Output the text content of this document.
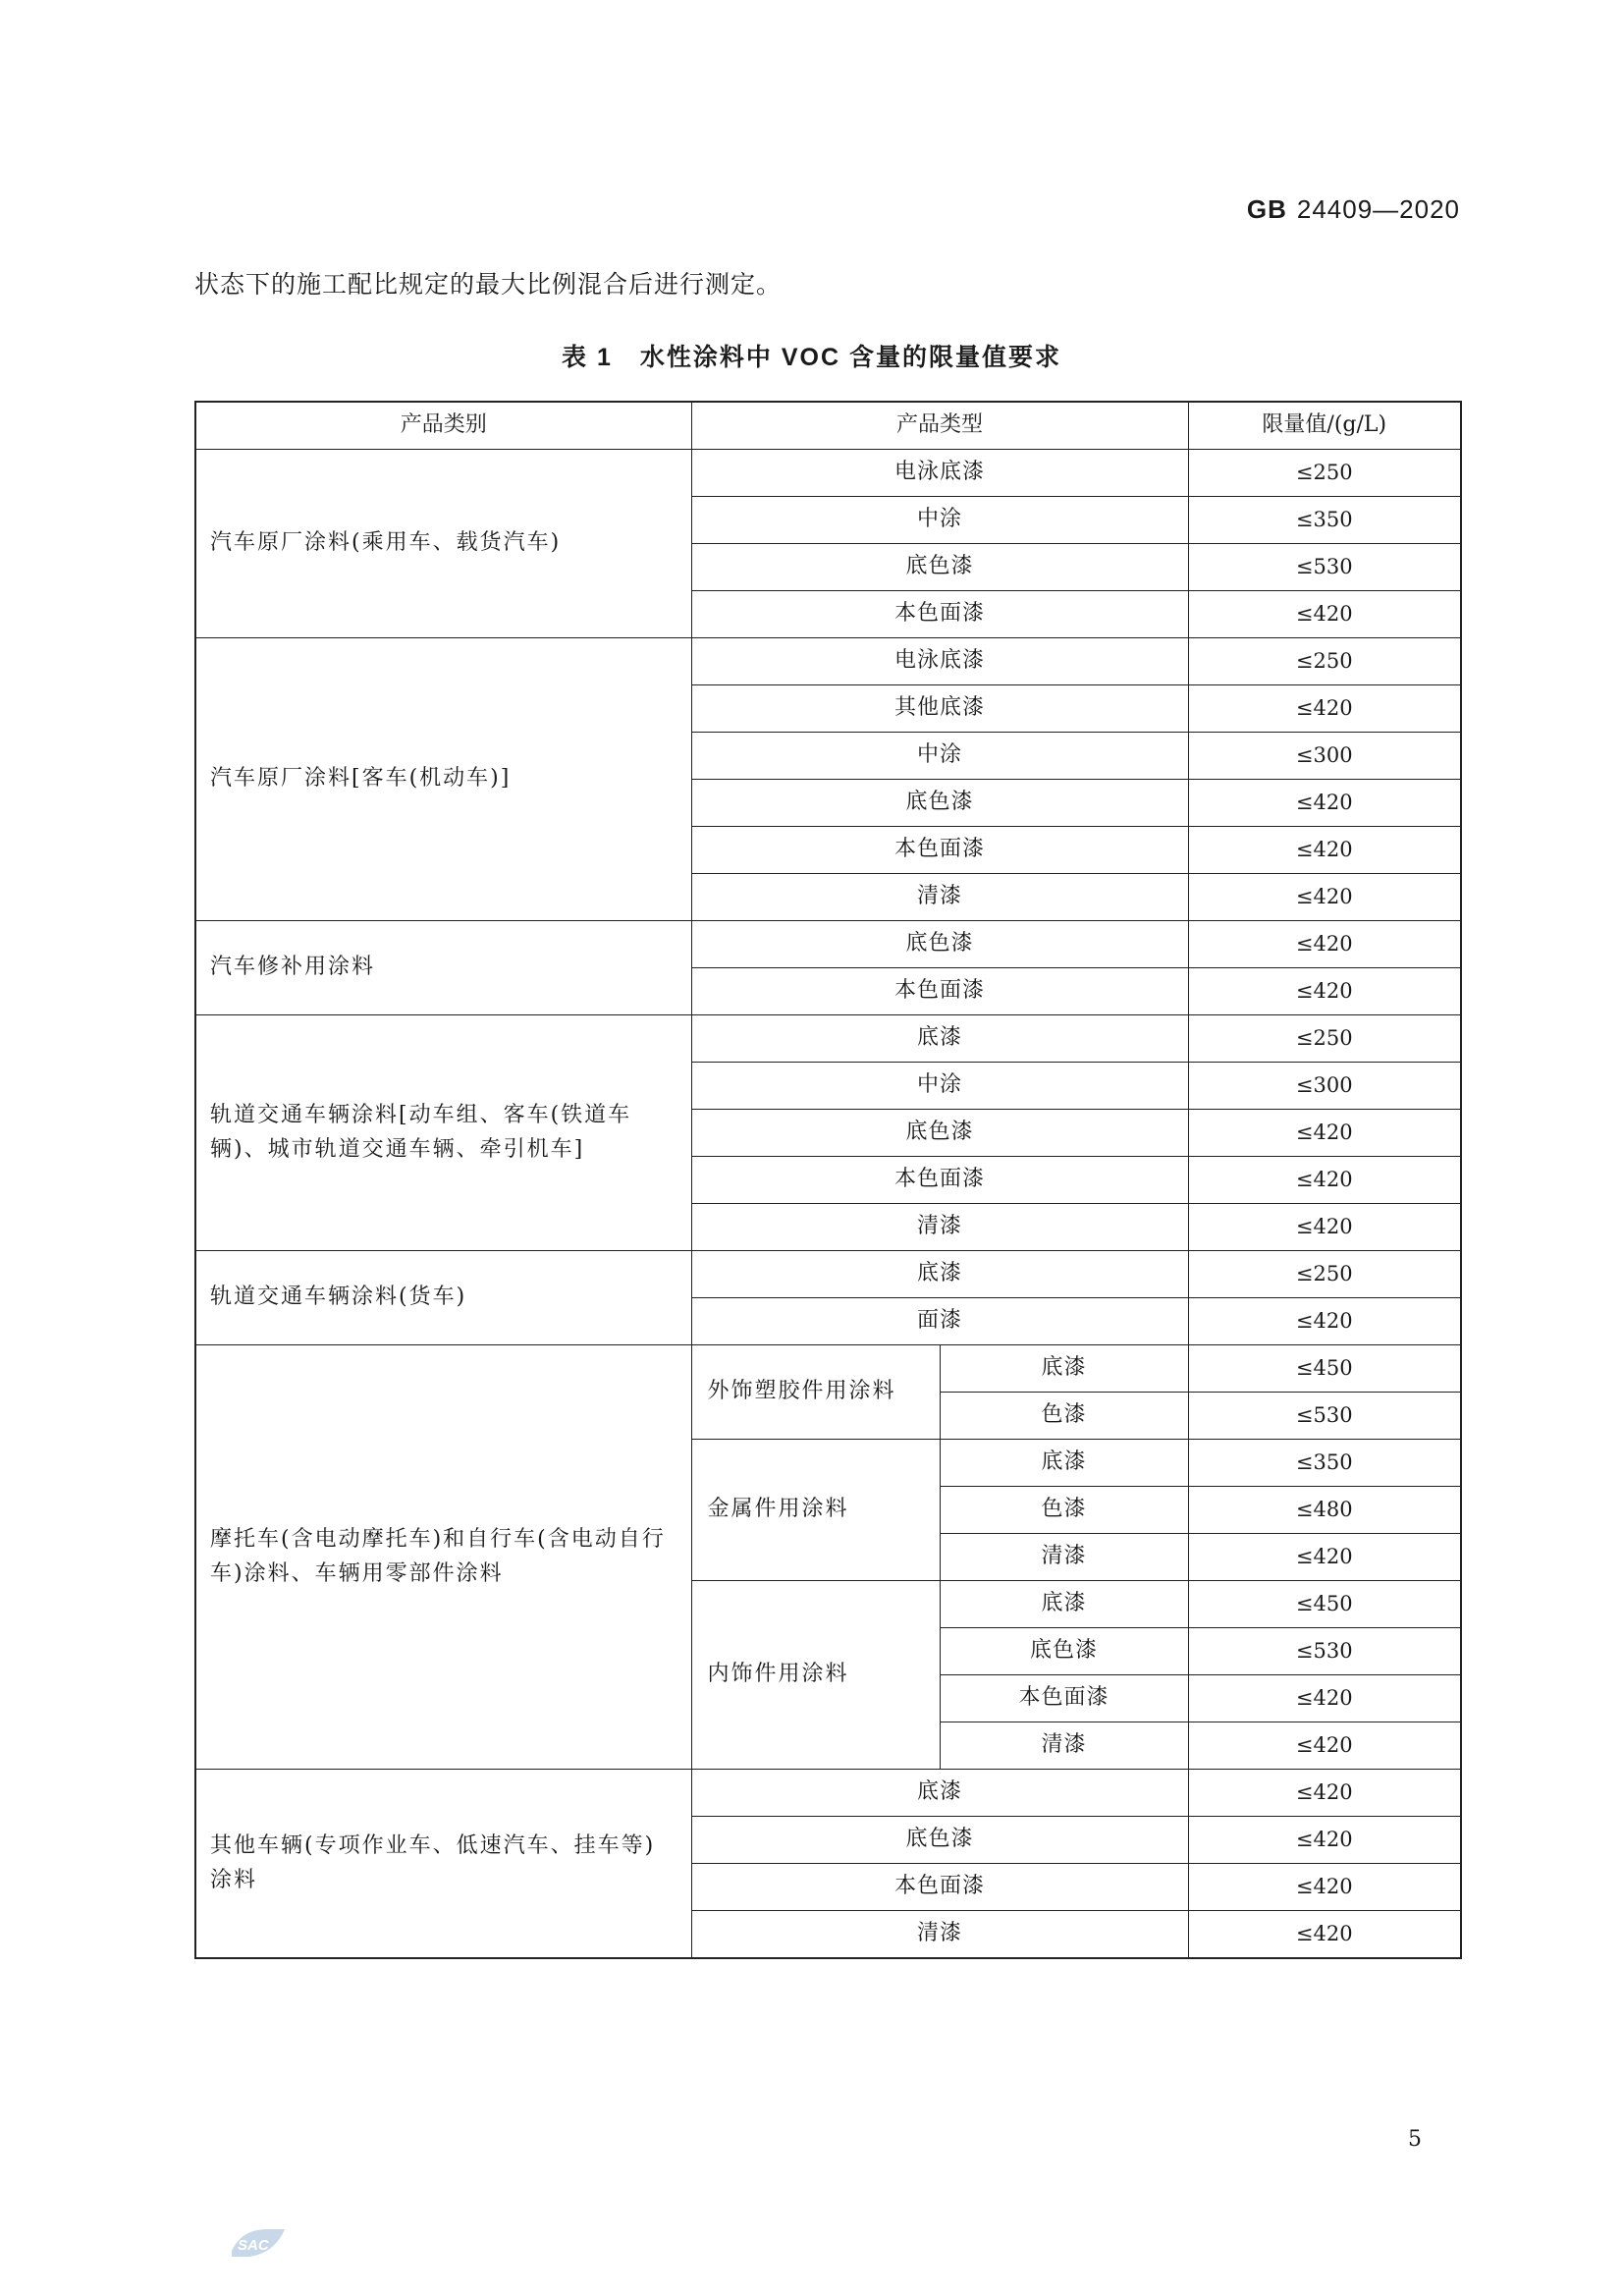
GB 24409—2020
状态下的施工配比规定的最大比例混合后进行测定。
表 1 水性涂料中 VOC 含量的限量值要求
产品类别	产品类型		限量值/(g/L)
汽车原厂涂料(乘用车、载货汽车)	电泳底漆		≤250
	中涂		≤350
	底色漆		≤530
	本色面漆		≤420
汽车原厂涂料[客车(机动车)]	电泳底漆		≤250
	其他底漆		≤420
	中涂		≤300
	底色漆		≤420
	本色面漆		≤420
	清漆		≤420
汽车修补用涂料	底色漆		≤420
	本色面漆		≤420
轨道交通车辆涂料[动车组、客车(铁道车辆)、城市轨道交通车辆、牵引机车]	底漆		≤250
	中涂		≤300
	底色漆		≤420
	本色面漆		≤420
	清漆		≤420
轨道交通车辆涂料(货车)	底漆		≤250
	面漆		≤420
摩托车(含电动摩托车)和自行车(含电动自行车)涂料、车辆用零部件涂料	外饰塑胶件用涂料	底漆	≤450
		色漆	≤530
	金属件用涂料	底漆	≤350
		色漆	≤480
		清漆	≤420
	内饰件用涂料	底漆	≤450
		底色漆	≤530
		本色面漆	≤420
		清漆	≤420
其他车辆(专项作业车、低速汽车、挂车等)涂料	底漆		≤420
	底色漆		≤420
	本色面漆		≤420
	清漆		≤420
5
SAC
